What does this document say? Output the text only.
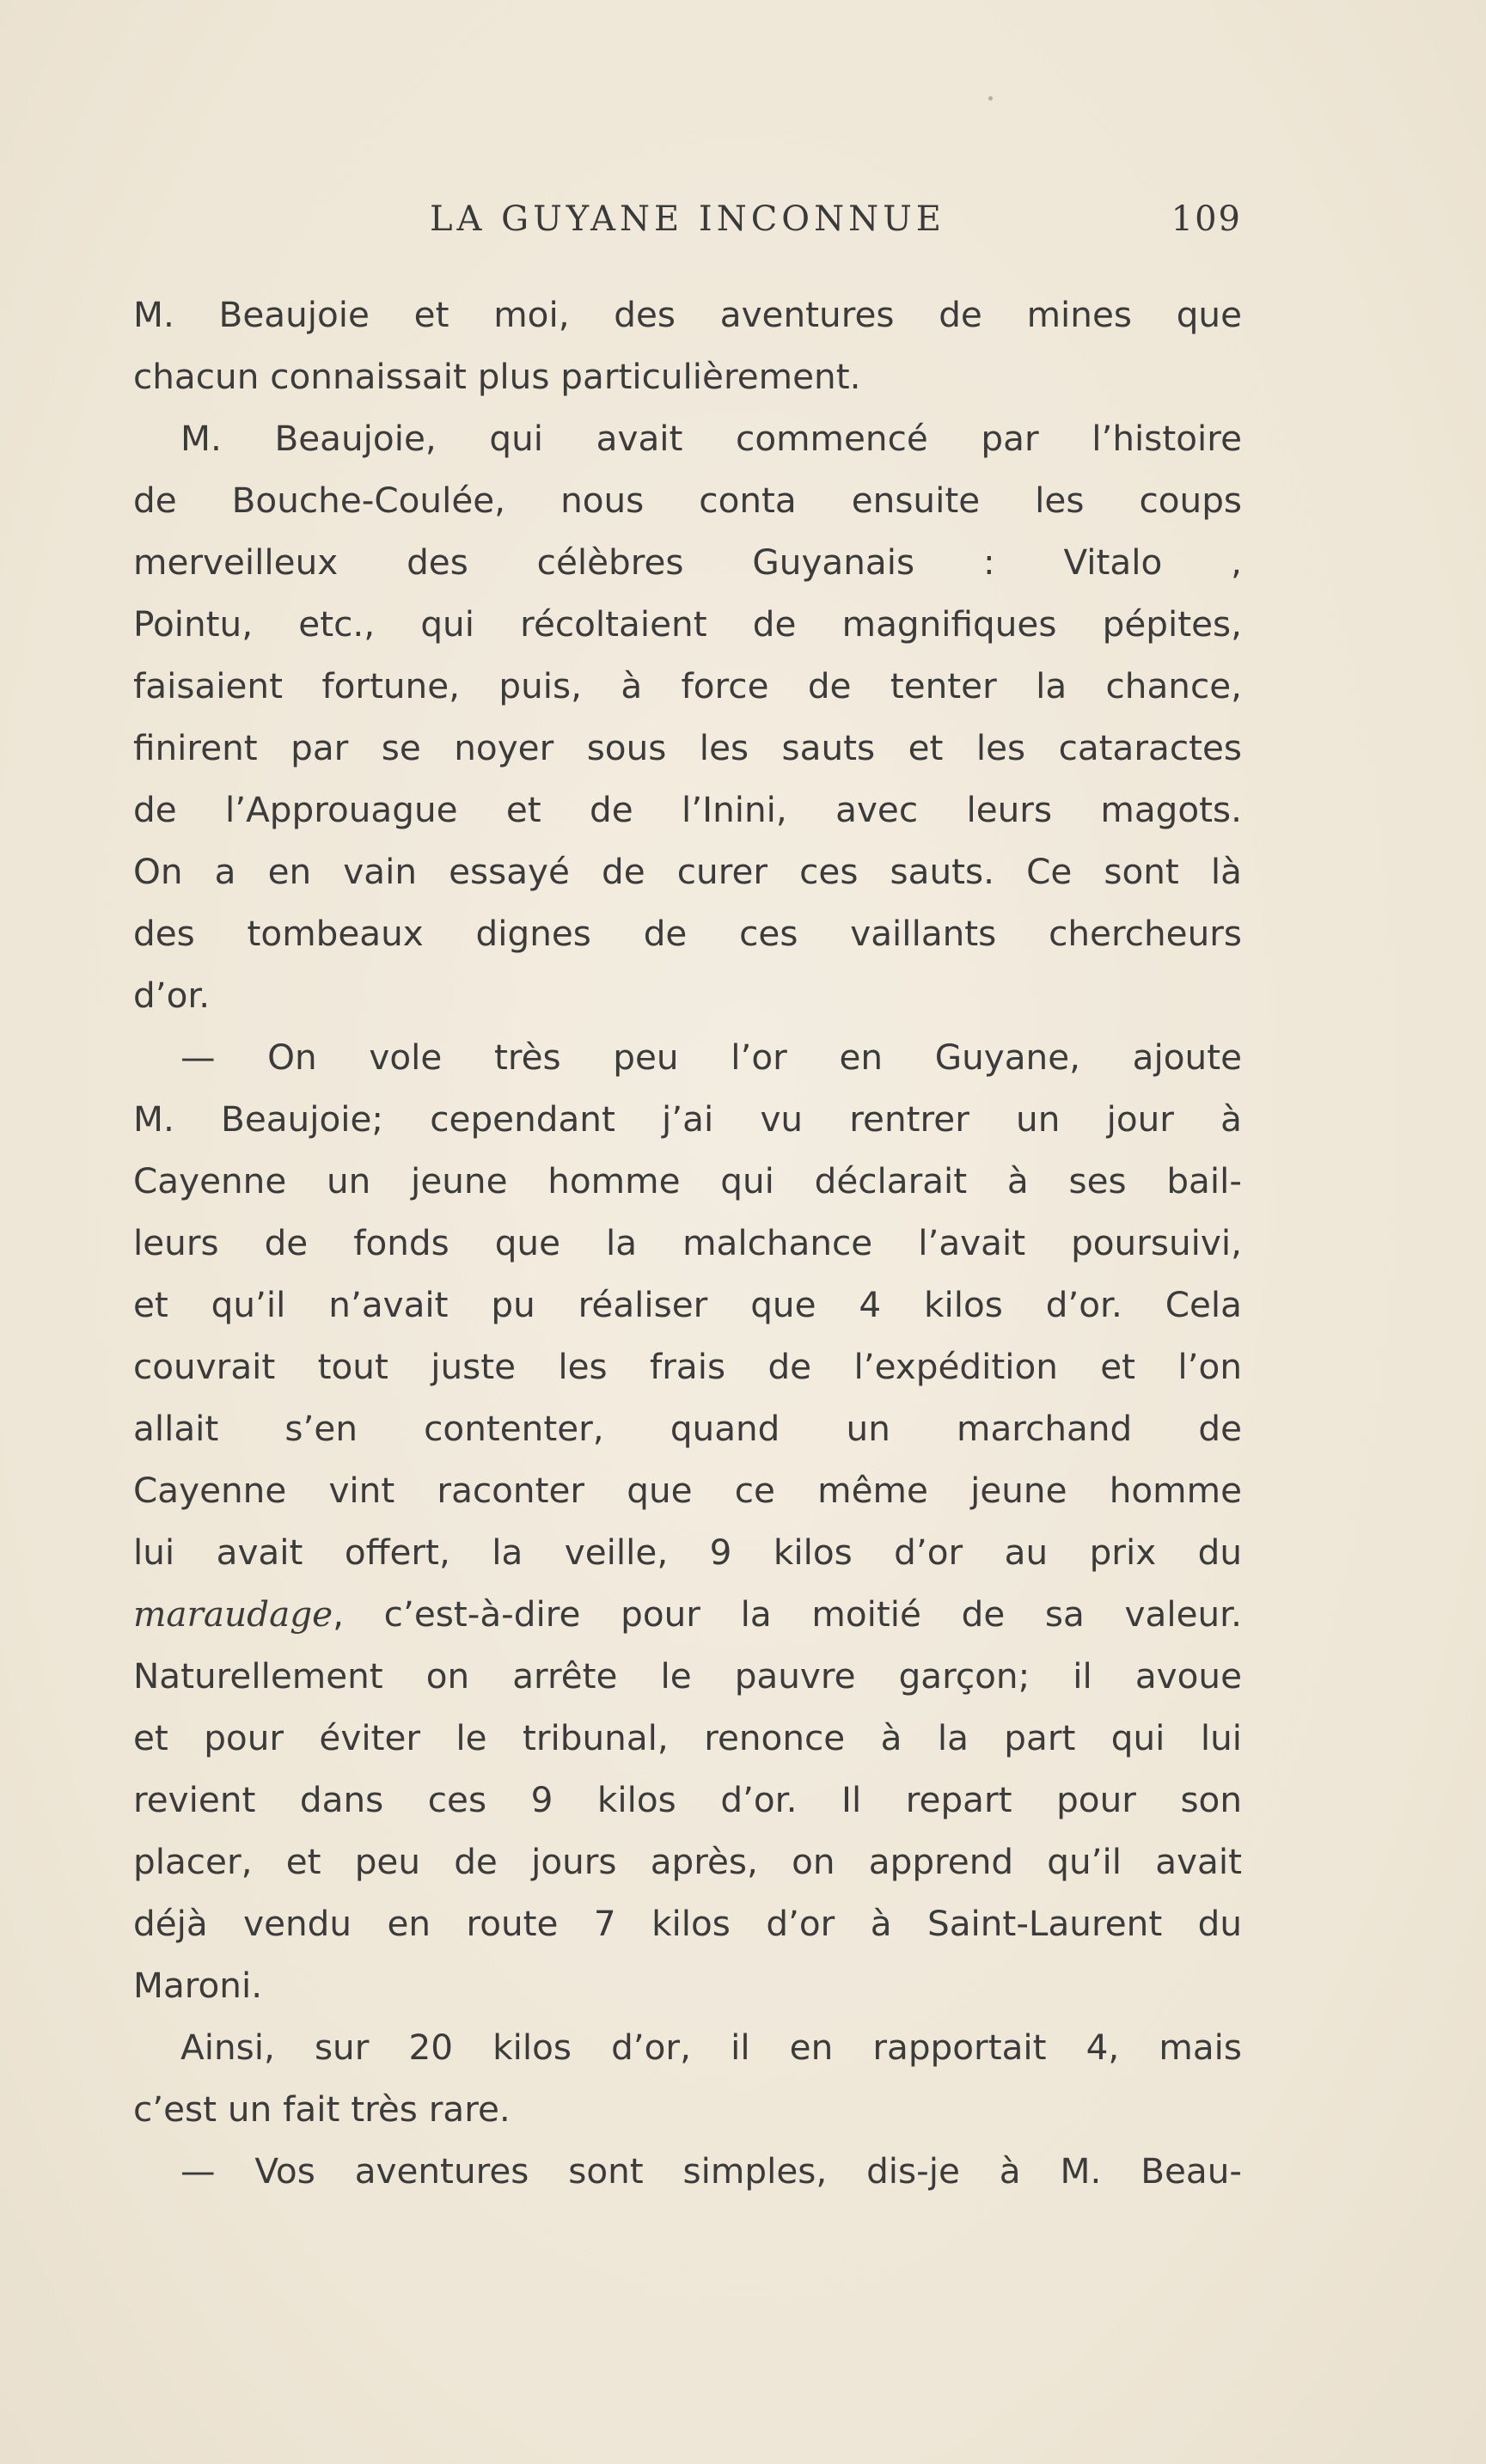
LA GUYANE INCONNUE	109
M. Beaujoie et moi, des aventures de mines que
chacun connaissait plus particulièrement.
M. Beaujoie, qui avait commencé par l’histoire
de Bouche-Coulée, nous conta ensuite les coups
merveilleux des célèbres Guyanais : Vitalo ,
Pointu, etc., qui récoltaient de magnifiques pépites,
faisaient fortune, puis, à force de tenter la chance,
finirent par se noyer sous les sauts et les cataractes
de l’Approuague et de l’Inini, avec leurs magots.
On a en vain essayé de curer ces sauts. Ce sont là
des tombeaux dignes de ces vaillants chercheurs
d’or.
— On vole très peu l’or en Guyane, ajoute
M. Beaujoie; cependant j’ai vu rentrer un jour à
Cayenne un jeune homme qui déclarait à ses bail-
leurs de fonds que la malchance l’avait poursuivi,
et qu’il n’avait pu réaliser que 4 kilos d’or. Cela
couvrait tout juste les frais de l’expédition et l’on
allait s’en contenter, quand un marchand de
Cayenne vint raconter que ce même jeune homme
lui avait offert, la veille, 9 kilos d’or au prix du
maraudage, c’est-à-dire pour la moitié de sa valeur.
Naturellement on arrête le pauvre garçon; il avoue
et pour éviter le tribunal, renonce à la part qui lui
revient dans ces 9 kilos d’or. Il repart pour son
placer, et peu de jours après, on apprend qu’il avait
déjà vendu en route 7 kilos d’or à Saint-Laurent du
Maroni.
Ainsi, sur 20 kilos d’or, il en rapportait 4, mais
c’est un fait très rare.
— Vos aventures sont simples, dis-je à M. Beau-
